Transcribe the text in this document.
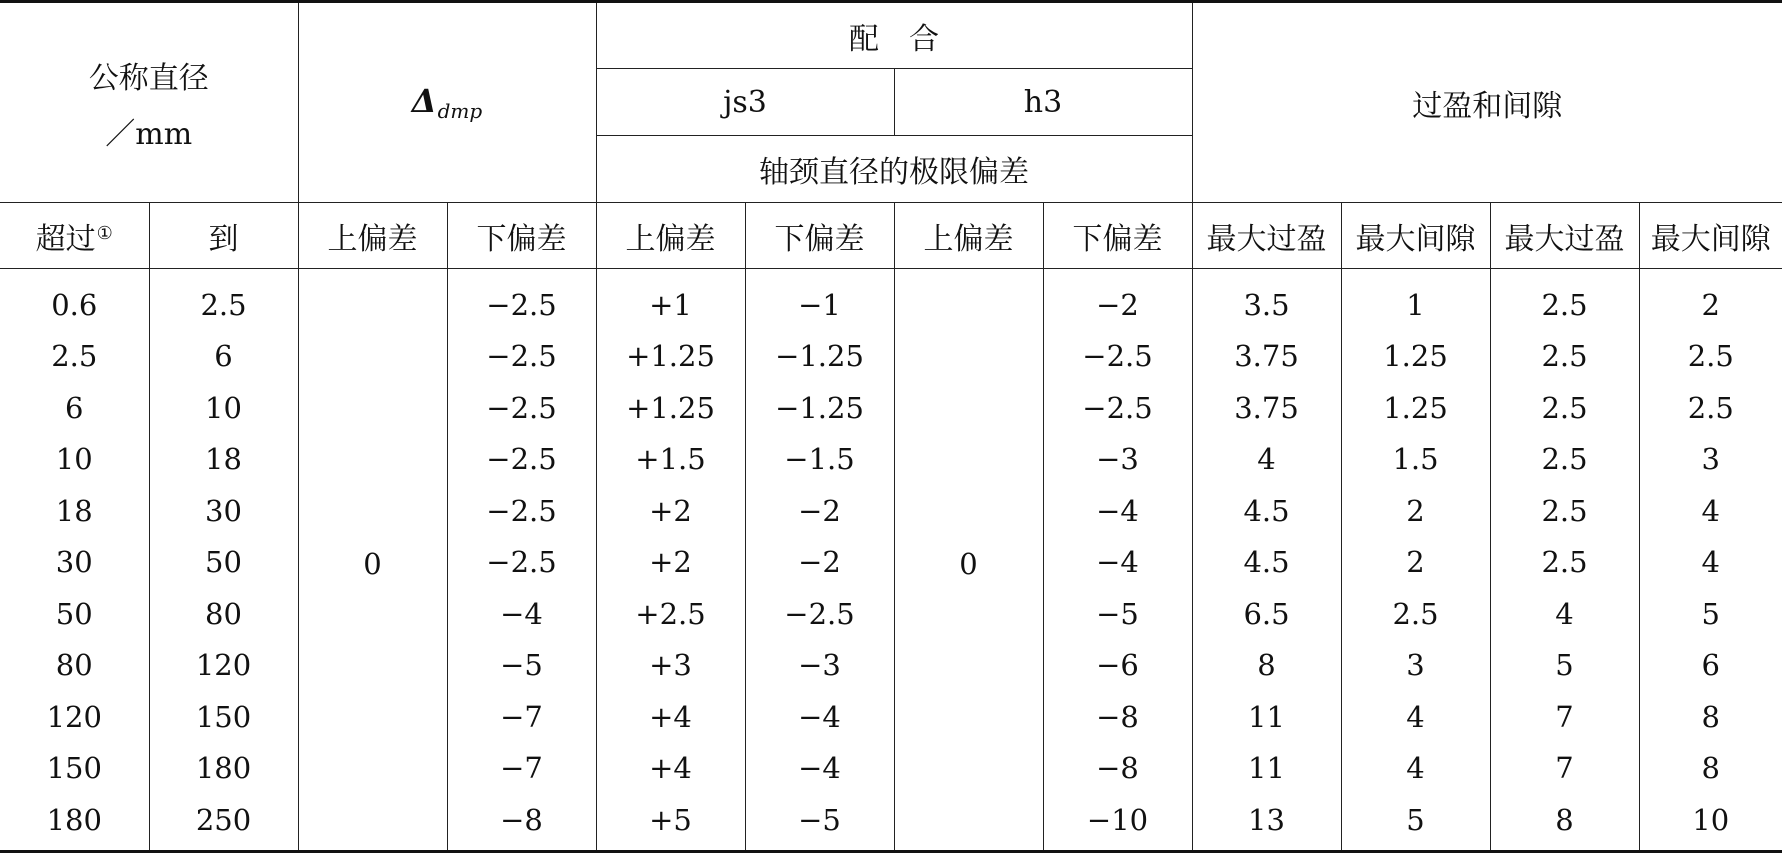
公称直径
／mm		$\Delta_{dmp}$		配　合				过盈和间隙			
				js3		h3					
				轴颈直径的极限偏差							
超过①	到	上偏差	下偏差	上偏差	下偏差	上偏差	下偏差	最大过盈	最大间隙	最大过盈	最大间隙
0.6	2.5	0	−2.5	+1	−1	0	−2	3.5	1	2.5	2
2.5	6		−2.5	+1.25	−1.25		−2.5	3.75	1.25	2.5	2.5
6	10		−2.5	+1.25	−1.25		−2.5	3.75	1.25	2.5	2.5
10	18		−2.5	+1.5	−1.5		−3	4	1.5	2.5	3
18	30		−2.5	+2	−2		−4	4.5	2	2.5	4
30	50		−2.5	+2	−2		−4	4.5	2	2.5	4
50	80		−4	+2.5	−2.5		−5	6.5	2.5	4	5
80	120		−5	+3	−3		−6	8	3	5	6
120	150		−7	+4	−4		−8	11	4	7	8
150	180		−7	+4	−4		−8	11	4	7	8
180	250		−8	+5	−5		−10	13	5	8	10
